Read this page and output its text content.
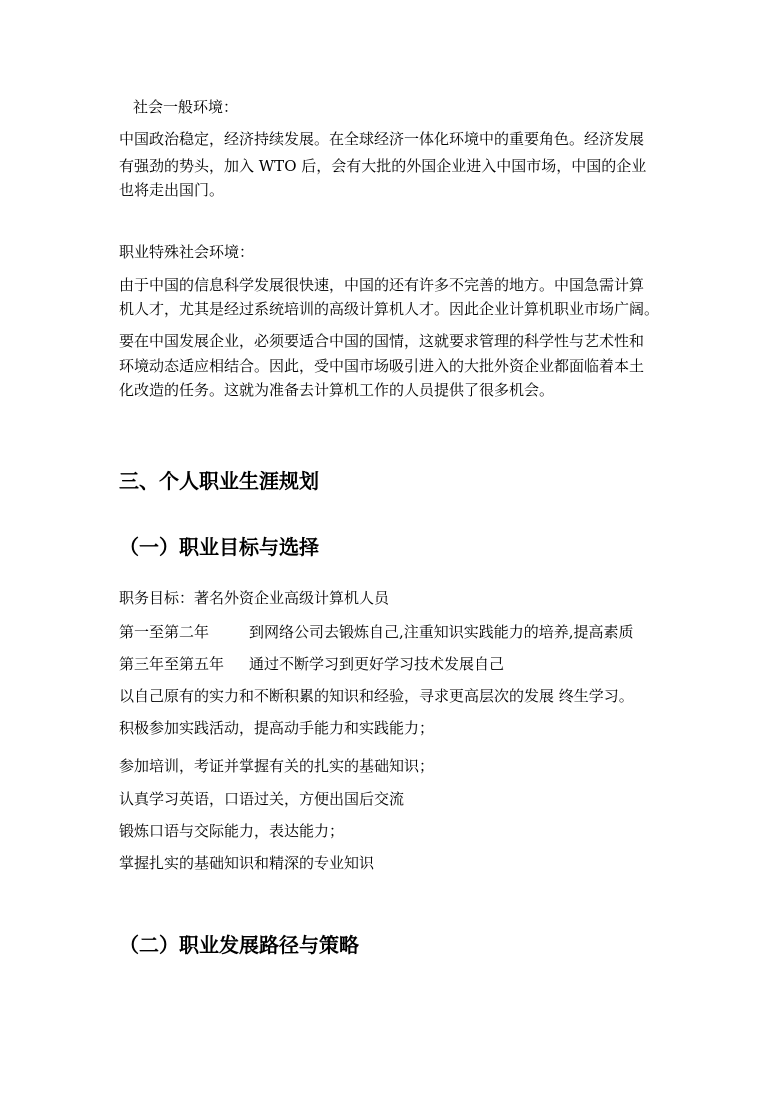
社会一般环境：
中国政治稳定，经济持续发展。在全球经济一体化环境中的重要角色。经济发展
有强劲的势头，加入 WTO 后，会有大批的外国企业进入中国市场，中国的企业
也将走出国门。
职业特殊社会环境：
由于中国的信息科学发展很快速，中国的还有许多不完善的地方。中国急需计算
机人才，尤其是经过系统培训的高级计算机人才。因此企业计算机职业市场广阔。
要在中国发展企业，必须要适合中国的国情，这就要求管理的科学性与艺术性和
环境动态适应相结合。因此，受中国市场吸引进入的大批外资企业都面临着本土
化改造的任务。这就为准备去计算机工作的人员提供了很多机会。
三、个人职业生涯规划
（一）职业目标与选择
职务目标：著名外资企业高级计算机人员
第一至第二年	到网络公司去锻炼自己,注重知识实践能力的培养,提高素质
第三年至第五年 通过不断学习到更好学习技术发展自己
以自己原有的实力和不断积累的知识和经验，寻求更高层次的发展 终生学习。
积极参加实践活动，提高动手能力和实践能力；
参加培训，考证并掌握有关的扎实的基础知识；
认真学习英语，口语过关，方便出国后交流
锻炼口语与交际能力，表达能力；
掌握扎实的基础知识和精深的专业知识
（二）职业发展路径与策略
